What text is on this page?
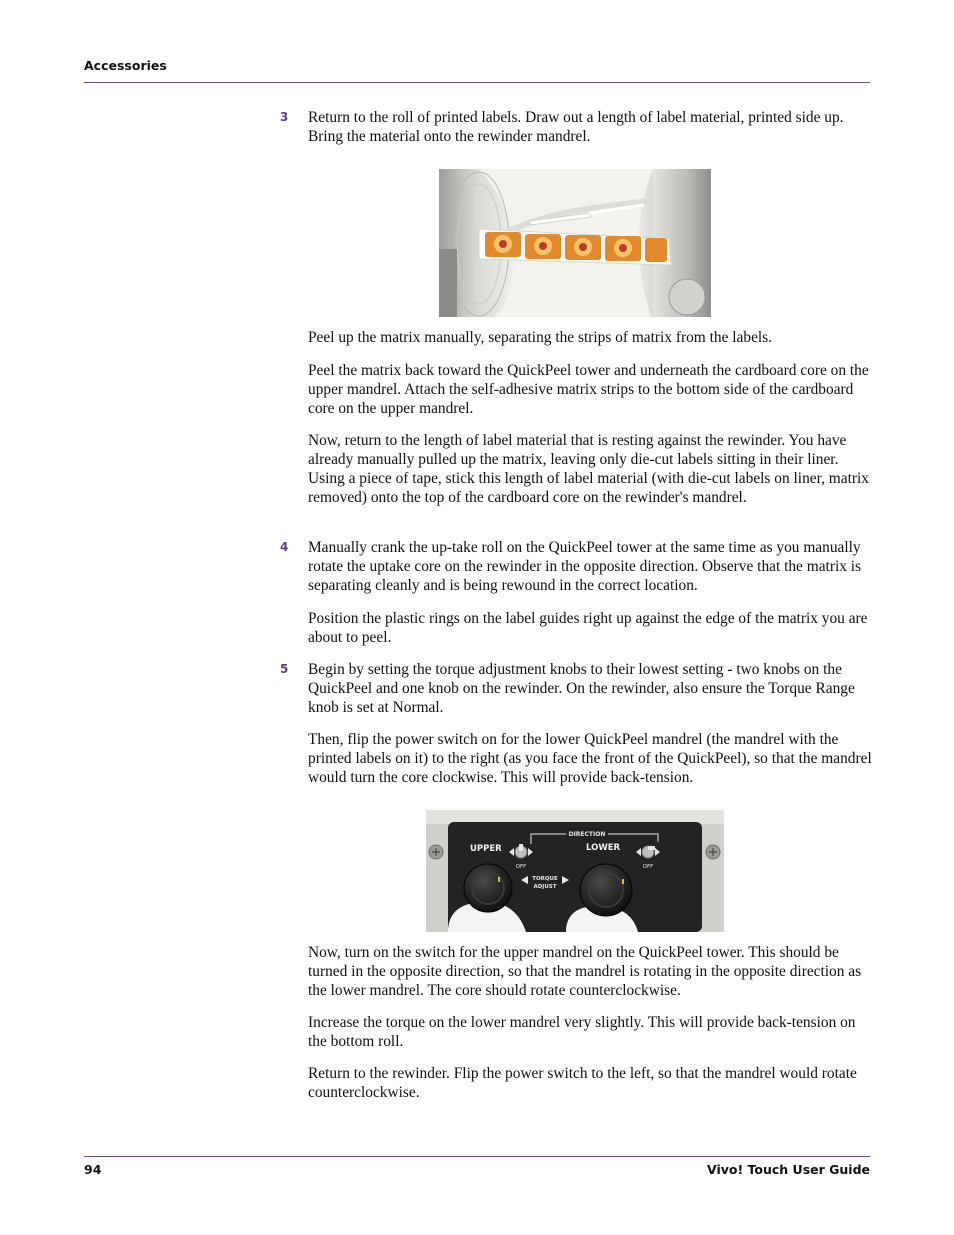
Accessories
3 Return to the roll of printed labels. Draw out a length of label material, printed side up. Bring the material onto the rewinder mandrel.
Peel up the matrix manually, separating the strips of matrix from the labels.
Peel the matrix back toward the QuickPeel tower and underneath the cardboard core on the upper mandrel. Attach the self-adhesive matrix strips to the bottom side of the cardboard core on the upper mandrel.
Now, return to the length of label material that is resting against the rewinder. You have already manually pulled up the matrix, leaving only die-cut labels sitting in their liner. Using a piece of tape, stick this length of label material (with die-cut labels on liner, matrix removed) onto the top of the cardboard core on the rewinder's mandrel.
4 Manually crank the up-take roll on the QuickPeel tower at the same time as you manually rotate the uptake core on the rewinder in the opposite direction. Observe that the matrix is separating cleanly and is being rewound in the correct location.
Position the plastic rings on the label guides right up against the edge of the matrix you are about to peel.
5 Begin by setting the torque adjustment knobs to their lowest setting - two knobs on the QuickPeel and one knob on the rewinder. On the rewinder, also ensure the Torque Range knob is set at Normal.
Then, flip the power switch on for the lower QuickPeel mandrel (the mandrel with the printed labels on it) to the right (as you face the front of the QuickPeel), so that the mandrel would turn the core clockwise. This will provide back-tension.
DIRECTION
UPPER	LOWER
OFF	OFF
TORQUE
ADJUST
Now, turn on the switch for the upper mandrel on the QuickPeel tower. This should be turned in the opposite direction, so that the mandrel is rotating in the opposite direction as the lower mandrel. The core should rotate counterclockwise.
Increase the torque on the lower mandrel very slightly. This will provide back-tension on the bottom roll.
Return to the rewinder. Flip the power switch to the left, so that the mandrel would rotate counterclockwise.
94	Vivo! Touch User Guide
